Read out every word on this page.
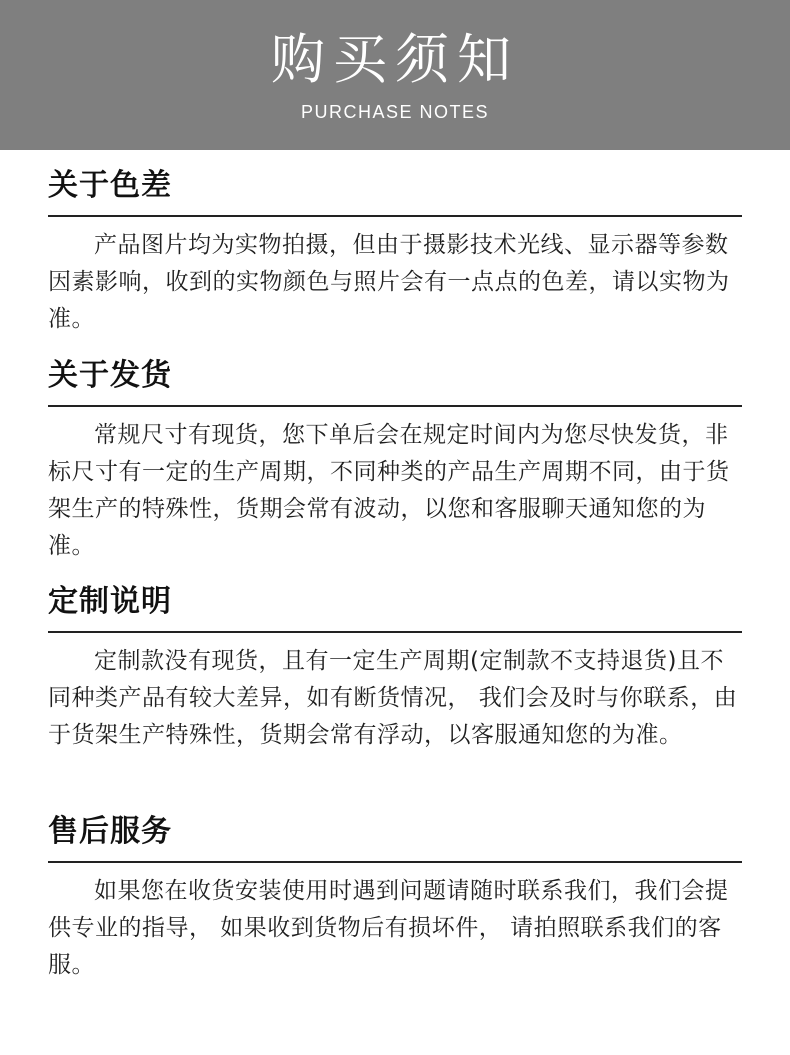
购买须知
PURCHASE NOTES
关于色差

产品图片均为实物拍摄，但由于摄影技术光线、显示器等参数因素影响，收到的实物颜色与照片会有一点点的色差，请以实物为准。

关于发货

常规尺寸有现货，您下单后会在规定时间内为您尽快发货，非标尺寸有一定的生产周期，不同种类的产品生产周期不同，由于货架生产的特殊性，货期会常有波动，以您和客服聊天通知您的为准。

定制说明

定制款没有现货，且有一定生产周期(定制款不支持退货)且不同种类产品有较大差异，如有断货情况， 我们会及时与你联系，由于货架生产特殊性，货期会常有浮动，以客服通知您的为准。

售后服务

如果您在收货安装使用时遇到问题请随时联系我们，我们会提供专业的指导， 如果收到货物后有损坏件， 请拍照联系我们的客服。
